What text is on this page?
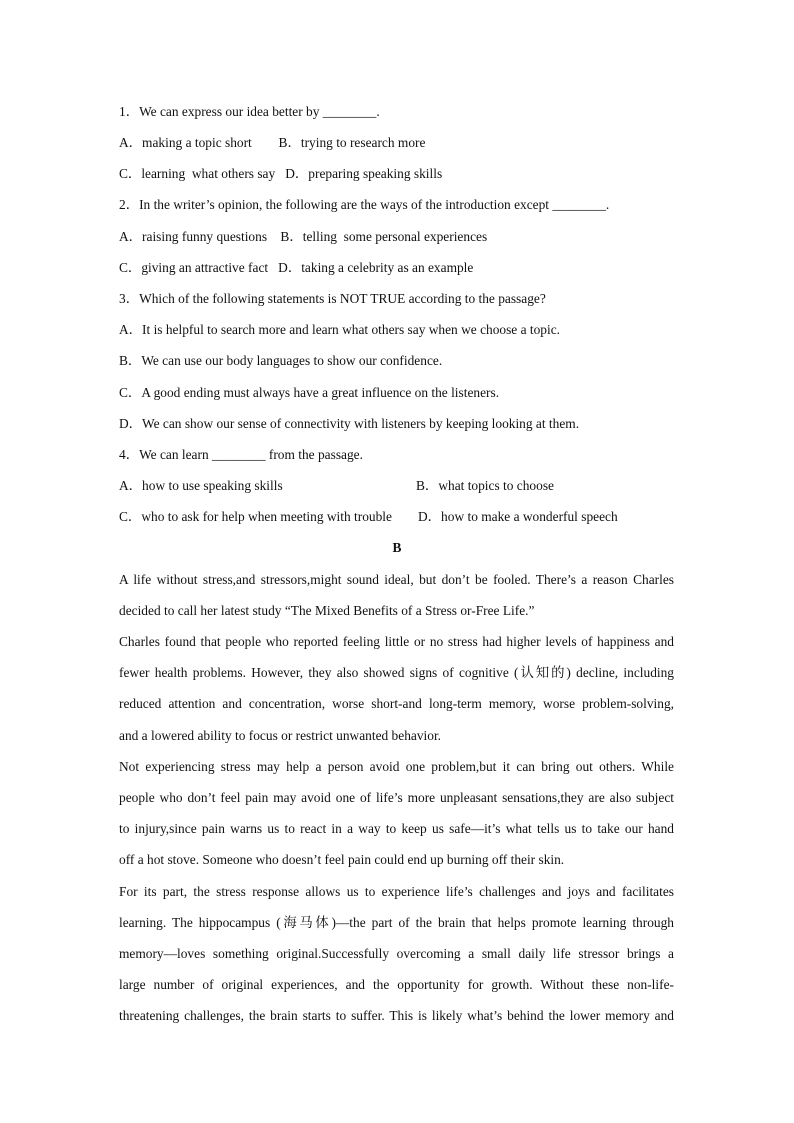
1．We can express our idea better by ________.
A．making a topic short        B．trying to research more
C．learning  what others say   D．preparing speaking skills
2．In the writer’s opinion, the following are the ways of the introduction except ________.
A．raising funny questions    B．telling  some personal experiences
C．giving an attractive fact   D．taking a celebrity as an example
3．Which of the following statements is NOT TRUE according to the passage?
A．It is helpful to search more and learn what others say when we choose a topic.
B．We can use our body languages to show our confidence.
C．A good ending must always have a great influence on the listeners.
D．We can show our sense of connectivity with listeners by keeping looking at them.
4．We can learn ________ from the passage.
A．how to use speaking skills	B．what topics to choose
C．who to ask for help when meeting with trouble D．how to make a wonderful speech
B
A life without stress,and stressors,might sound ideal, but don’t be fooled. There’s a reason Charles
decided to call her latest study “The Mixed Benefits of a Stress or-Free Life.”
Charles found that people who reported feeling little or no stress had higher levels of happiness and
fewer health problems. However, they also showed signs of cognitive (认知的) decline, including
reduced attention and concentration, worse short-and long-term memory, worse problem-solving,
and a lowered ability to focus or restrict unwanted behavior.
Not experiencing stress may help a person avoid one problem,but it can bring out others. While
people who don’t feel pain may avoid one of life’s more unpleasant sensations,they are also subject
to injury,since pain warns us to react in a way to keep us safe—it’s what tells us to take our hand
off a hot stove. Someone who doesn’t feel pain could end up burning off their skin.
For its part, the stress response allows us to experience life’s challenges and joys and facilitates
learning. The hippocampus (海马体)—the part of the brain that helps promote learning through
memory—loves something original.Successfully overcoming a small daily life stressor brings a
large number of original experiences, and the opportunity for growth. Without these non-life-
threatening challenges, the brain starts to suffer. This is likely what’s behind the lower memory and
